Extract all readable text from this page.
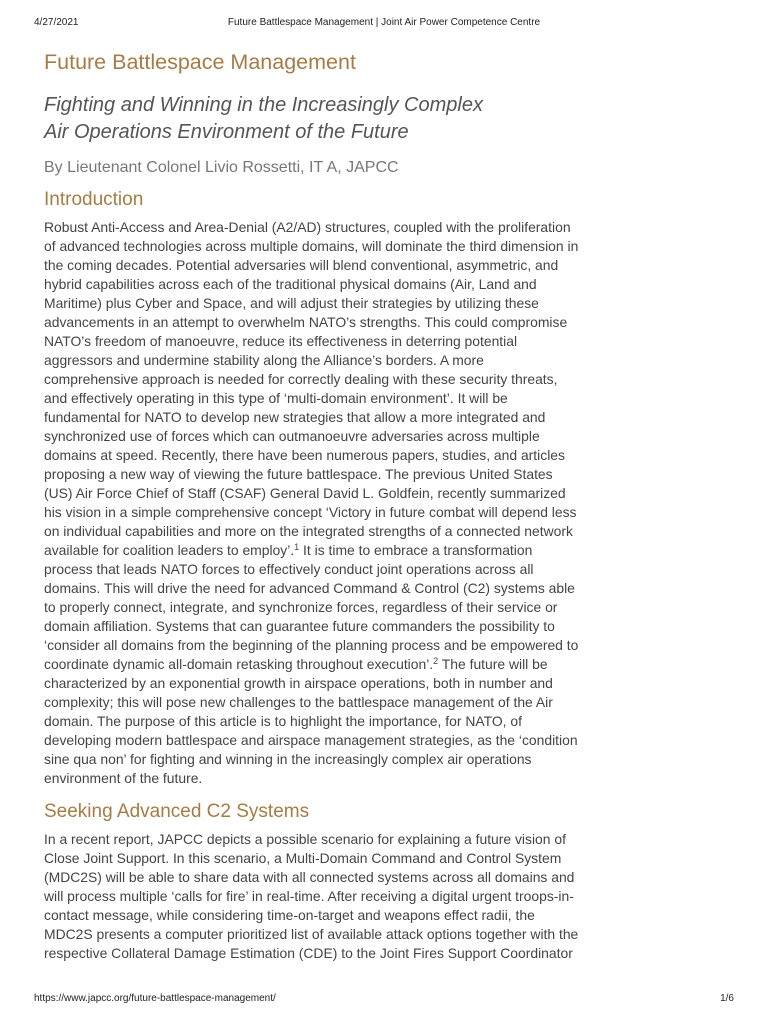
4/27/2021	Future Battlespace Management | Joint Air Power Competence Centre
Future Battlespace Management
Fighting and Winning in the Increasingly Complex
Air Operations Environment of the Future
By Lieutenant Colonel Livio Rossetti, IT A, JAPCC
Introduction

Robust Anti-Access and Area-Denial (A2/AD) structures, coupled with the proliferation
of advanced technologies across multiple domains, will dominate the third dimension in
the coming decades. Potential adversaries will blend conventional, asymmetric, and
hybrid capabilities across each of the traditional physical domains (Air, Land and
Maritime) plus Cyber and Space, and will adjust their strategies by utilizing these
advancements in an attempt to overwhelm NATO’s strengths. This could compromise
NATO’s freedom of manoeuvre, reduce its effectiveness in deterring potential
aggressors and undermine stability along the Alliance’s borders. A more
comprehensive approach is needed for correctly dealing with these security threats,
and effectively operating in this type of ‘multi-domain environment’. It will be
fundamental for NATO to develop new strategies that allow a more integrated and
synchronized use of forces which can outmanoeuvre adversaries across multiple
domains at speed. Recently, there have been numerous papers, studies, and articles
proposing a new way of viewing the future battlespace. The previous United States
(US) Air Force Chief of Staff (CSAF) General David L. Goldfein, recently summarized
his vision in a simple comprehensive concept ‘Victory in future combat will depend less
on individual capabilities and more on the integrated strengths of a connected network
available for coalition leaders to employ’.$^1$ It is time to embrace a transformation
process that leads NATO forces to effectively conduct joint operations across all
domains. This will drive the need for advanced Command & Control (C2) systems able
to properly connect, integrate, and synchronize forces, regardless of their service or
domain affiliation. Systems that can guarantee future commanders the possibility to
‘consider all domains from the beginning of the planning process and be empowered to
coordinate dynamic all-domain retasking throughout execution’.$^2$ The future will be
characterized by an exponential growth in airspace operations, both in number and
complexity; this will pose new challenges to the battlespace management of the Air
domain. The purpose of this article is to highlight the importance, for NATO, of
developing modern battlespace and airspace management strategies, as the ‘condition
sine qua non’ for fighting and winning in the increasingly complex air operations
environment of the future.

Seeking Advanced C2 Systems

In a recent report, JAPCC depicts a possible scenario for explaining a future vision of
Close Joint Support. In this scenario, a Multi-Domain Command and Control System
(MDC2S) will be able to share data with all connected systems across all domains and
will process multiple ‘calls for fire’ in real-time. After receiving a digital urgent troops-in-
contact message, while considering time-on-target and weapons effect radii, the
MDC2S presents a computer prioritized list of available attack options together with the
respective Collateral Damage Estimation (CDE) to the Joint Fires Support Coordinator

https://www.japcc.org/future-battlespace-management/	1/6
